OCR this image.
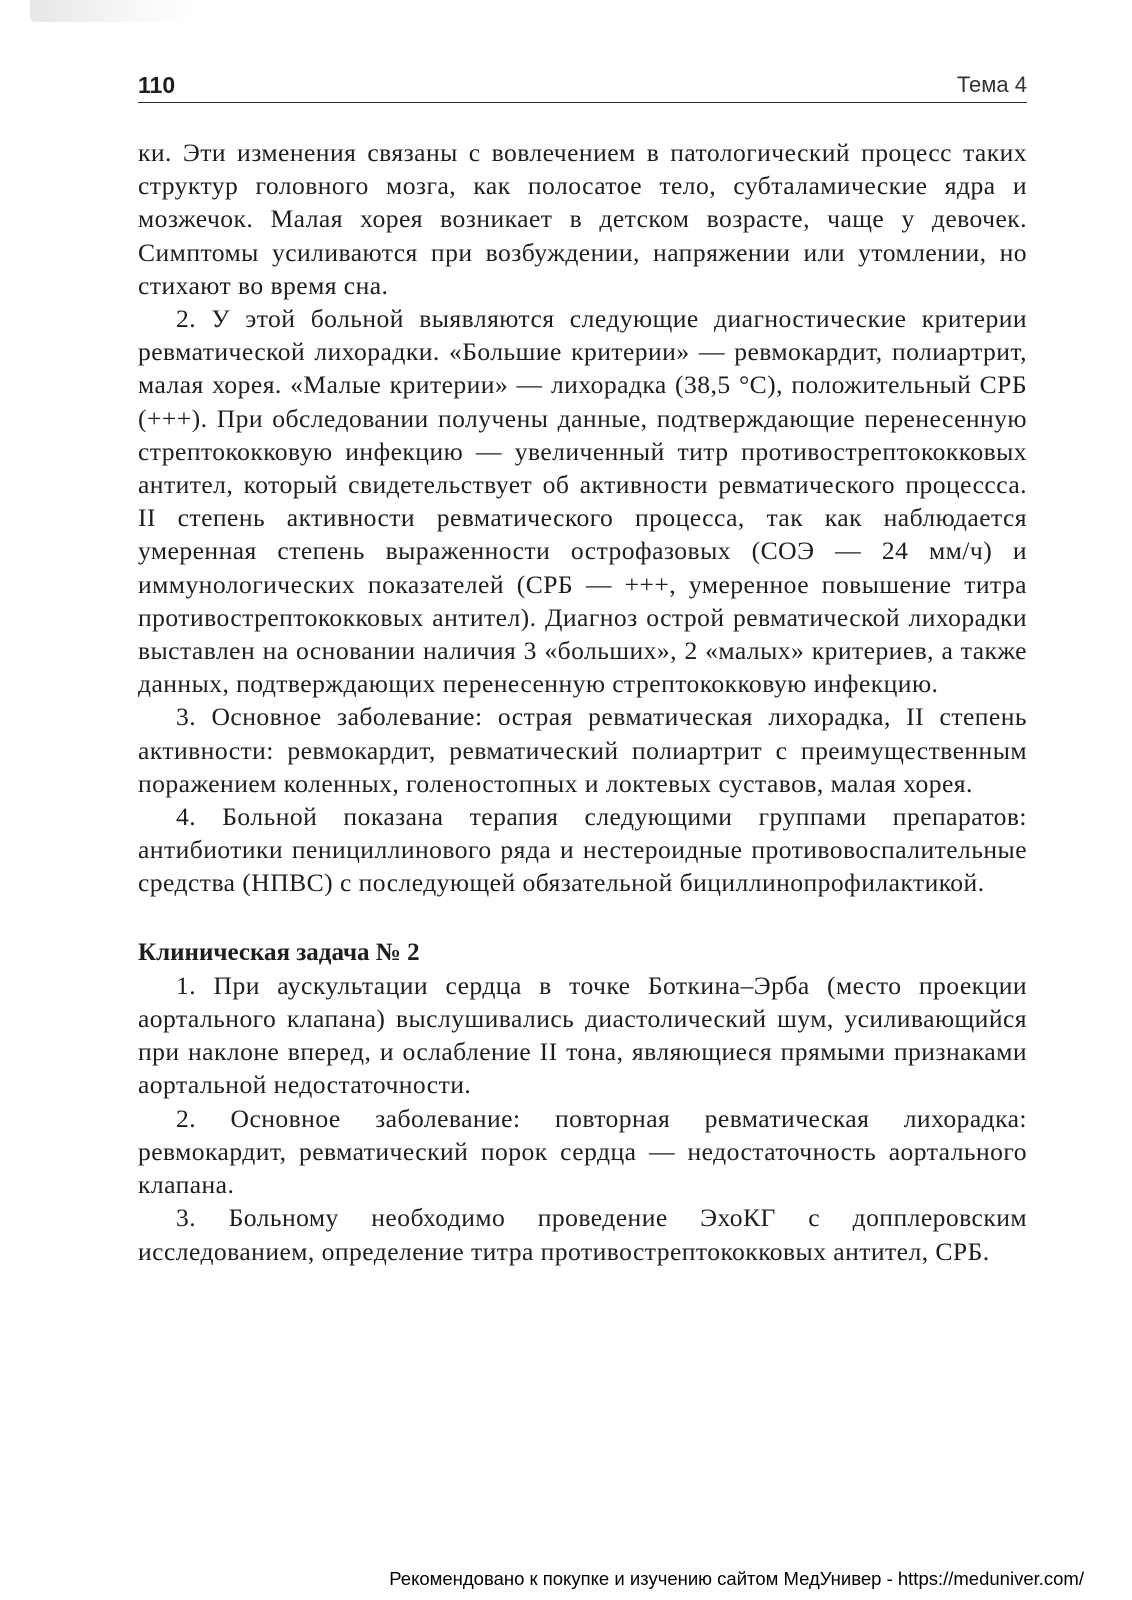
110	Тема 4

ки. Эти изменения связаны с вовлечением в патологический процесс таких структур головного мозга, как полосатое тело, субталамические ядра и мозжечок. Малая хорея возникает в детском возрасте, чаще у девочек. Симптомы усиливаются при возбуждении, напряжении или утомлении, но стихают во время сна.

2. У этой больной выявляются следующие диагностические критерии ревматической лихорадки. «Большие критерии» — ревмокардит, полиартрит, малая хорея. «Малые критерии» — лихорадка (38,5 °С), положительный СРБ (+++). При обследовании получены данные, подтверждающие перенесенную стрептококковую инфекцию — увеличенный титр противострептококковых антител, который свидетельствует об активности ревматического процессса. II степень активности ревматического процесса, так как наблюдается умеренная степень выраженности острофазовых (СОЭ — 24 мм/ч) и иммунологических показателей (СРБ — +++, умеренное повышение титра противострептококковых антител). Диагноз острой ревматической лихорадки выставлен на основании наличия 3 «больших», 2 «малых» критериев, а также данных, подтверждающих перенесенную стрептококковую инфекцию.

3. Основное заболевание: острая ревматическая лихорадка, II степень активности: ревмокардит, ревматический полиартрит с преимущественным поражением коленных, голеностопных и локтевых суставов, малая хорея.

4. Больной показана терапия следующими группами препаратов: антибиотики пенициллинового ряда и нестероидные противовоспалительные средства (НПВС) с последующей обязательной бициллинопрофилактикой.

Клиническая задача № 2

1. При аускультации сердца в точке Боткина–Эрба (место проекции аортального клапана) выслушивались диастолический шум, усиливающийся при наклоне вперед, и ослабление II тона, являющиеся прямыми признаками аортальной недостаточности.

2. Основное заболевание: повторная ревматическая лихорадка: ревмокардит, ревматический порок сердца — недостаточность аортального клапана.

3. Больному необходимо проведение ЭхоКГ с допплеровским исследованием, определение титра противострептококковых антител, СРБ.

Рекомендовано к покупке и изучению сайтом МедУнивер - https://meduniver.com/
